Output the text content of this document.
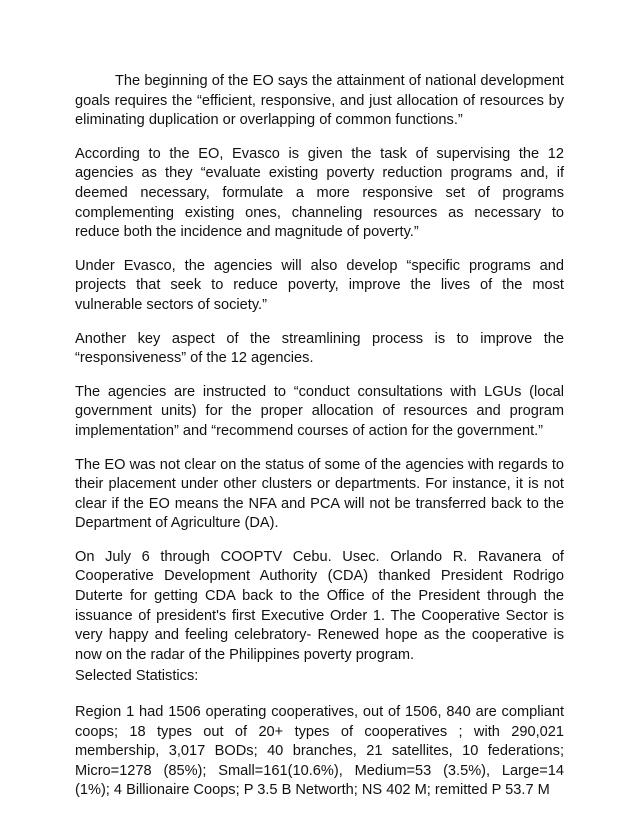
The beginning of the EO says the attainment of national development goals requires the “efficient, responsive, and just allocation of resources by eliminating duplication or overlapping of common functions.”

According to the EO, Evasco is given the task of supervising the 12 agencies as they “evaluate existing poverty reduction programs and, if deemed necessary, formulate a more responsive set of programs complementing existing ones, channeling resources as necessary to reduce both the incidence and magnitude of poverty.”

Under Evasco, the agencies will also develop “specific programs and projects that seek to reduce poverty, improve the lives of the most vulnerable sectors of society.”

Another key aspect of the streamlining process is to improve the “responsiveness” of the 12 agencies.

The agencies are instructed to “conduct consultations with LGUs (local government units) for the proper allocation of resources and program implementation” and “recommend courses of action for the government.”

The EO was not clear on the status of some of the agencies with regards to their placement under other clusters or departments. For instance, it is not clear if the EO means the NFA and PCA will not be transferred back to the Department of Agriculture (DA).

On July 6 through COOPTV Cebu. Usec. Orlando R. Ravanera of Cooperative Development Authority (CDA) thanked President Rodrigo Duterte for getting CDA back to the Office of the President through the issuance of president's first Executive Order 1. The Cooperative Sector is very happy and feeling celebratory- Renewed hope as the cooperative is now on the radar of the Philippines poverty program.

Selected Statistics:

Region 1 had 1506 operating cooperatives, out of 1506, 840 are compliant coops; 18 types out of 20+ types of cooperatives ; with 290,021 membership, 3,017 BODs; 40 branches, 21 satellites, 10 federations; Micro=1278 (85%); Small=161(10.6%), Medium=53 (3.5%), Large=14 (1%); 4 Billionaire Coops; P 3.5 B Networth; NS 402 M; remitted P 53.7 M
